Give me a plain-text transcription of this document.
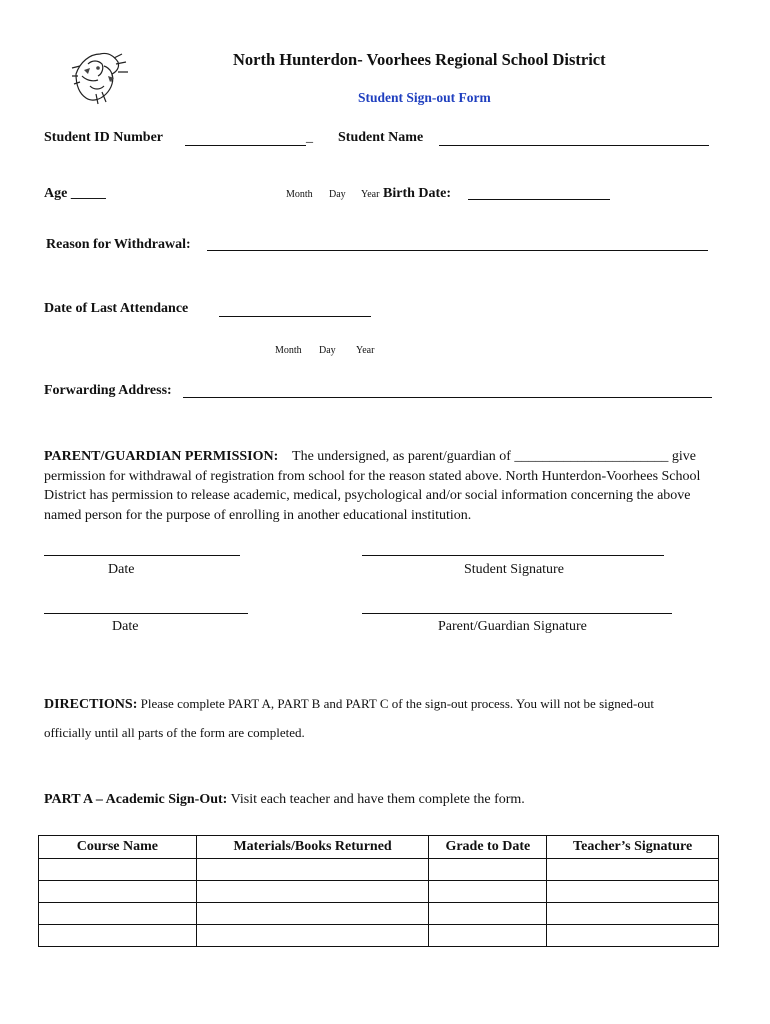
North Hunterdon- Voorhees Regional School District
Student Sign-out Form
Student ID Number	_ Student Name
Age _____	Month Day Year Birth Date:
Reason for Withdrawal:
Date of Last Attendance
Month Day Year
Forwarding Address:
PARENT/GUARDIAN PERMISSION: The undersigned, as parent/guardian of ______________________ give permission for withdrawal of registration from school for the reason stated above. North Hunterdon-Voorhees School District has permission to release academic, medical, psychological and/or social information concerning the above named person for the purpose of enrolling in another educational institution.
Date	Student Signature
Date	Parent/Guardian Signature
DIRECTIONS: Please complete PART A, PART B and PART C of the sign-out process. You will not be signed-out
officially until all parts of the form are completed.
PART A – Academic Sign-Out: Visit each teacher and have them complete the form.
Course Name	Materials/Books Returned	Grade to Date	Teacher’s Signature
